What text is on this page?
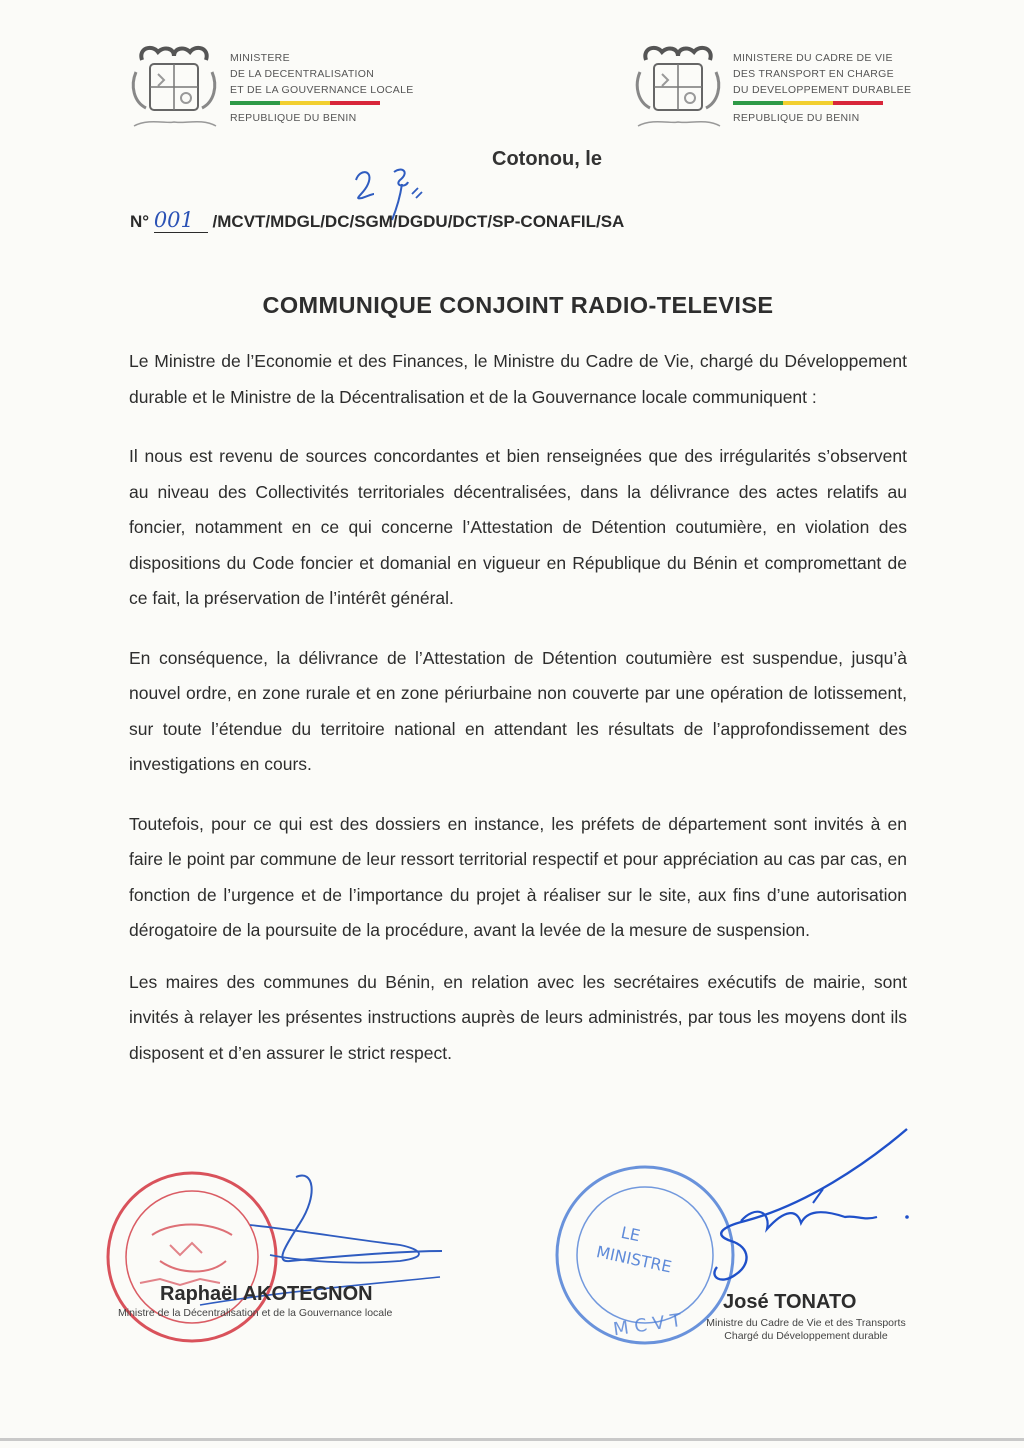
MINISTERE
DE LA DECENTRALISATION
ET DE LA GOUVERNANCE LOCALE
REPUBLIQUE DU BENIN
MINISTERE DU CADRE DE VIE
DES TRANSPORT EN CHARGE
DU DEVELOPPEMENT DURABLEE
REPUBLIQUE DU BENIN
Cotonou, le
N° 001 /MCVT/MDGL/DC/SGM/DGDU/DCT/SP-CONAFIL/SA
COMMUNIQUE CONJOINT RADIO-TELEVISE

Le Ministre de l’Economie et des Finances, le Ministre du Cadre de Vie, chargé du Développement durable et le Ministre de la Décentralisation et de la Gouvernance locale communiquent :

Il nous est revenu de sources concordantes et bien renseignées que des irrégularités s’observent au niveau des Collectivités territoriales décentralisées, dans la délivrance des actes relatifs au foncier, notamment en ce qui concerne l’Attestation de Détention coutumière, en violation des dispositions du Code foncier et domanial en vigueur en République du Bénin et compromettant de ce fait, la préservation de l’intérêt général.

En conséquence, la délivrance de l’Attestation de Détention coutumière est suspendue, jusqu’à nouvel ordre, en zone rurale et en zone périurbaine non couverte par une opération de lotissement, sur toute l’étendue du territoire national en attendant les résultats de l’approfondissement des investigations en cours.

Toutefois, pour ce qui est des dossiers en instance, les préfets de département sont invités à en faire le point par commune de leur ressort territorial respectif et pour appréciation au cas par cas, en fonction de l’urgence et de l’importance du projet à réaliser sur le site, aux fins d’une autorisation dérogatoire de la poursuite de la procédure, avant la levée de la mesure de suspension.

Les maires des communes du Bénin, en relation avec les secrétaires exécutifs de mairie, sont invités à relayer les présentes instructions auprès de leurs administrés, par tous les moyens dont ils disposent et d’en assurer le strict respect.

Raphaël AKOTEGNON
Ministre de la Décentralisation et de la Gouvernance locale
LE
MINISTRE
M C V T
José TONATO
Ministre du Cadre de Vie et des Transports
Chargé du Développement durable
